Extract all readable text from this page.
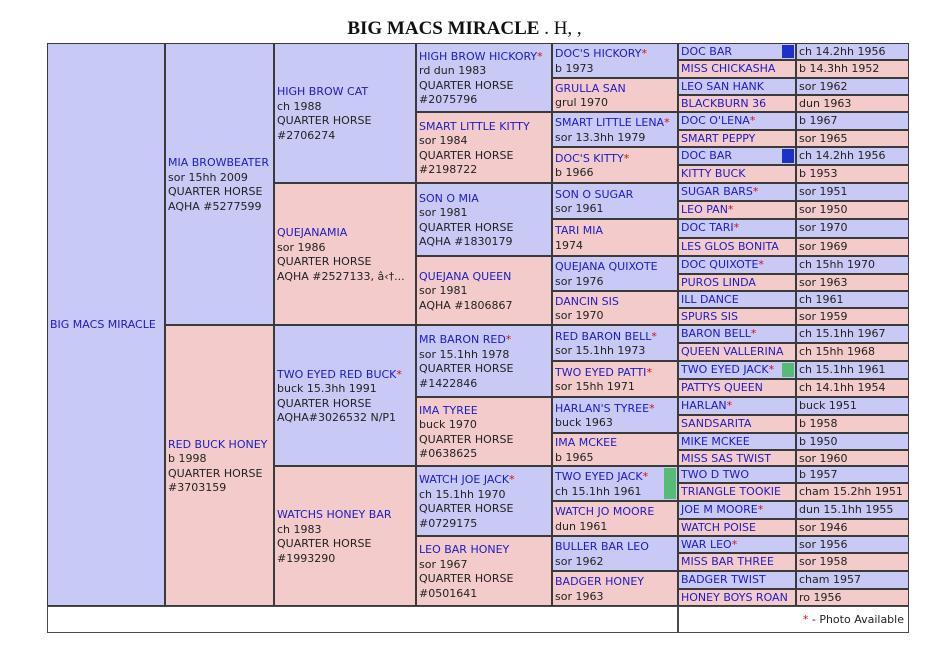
BIG MACS MIRACLE . H, ,
BIG MACS MIRACLE
MIA BROWBEATER
sor 15hh 2009
QUARTER HORSE
AQHA #5277599
RED BUCK HONEY
b 1998
QUARTER HORSE
#3703159
HIGH BROW CAT
ch 1988
QUARTER HORSE
#2706274
QUEJANAMIA
sor 1986
QUARTER HORSE
AQHA #2527133, â‹†...
TWO EYED RED BUCK*
buck 15.3hh 1991
QUARTER HORSE
AQHA#3026532 N/P1
WATCHS HONEY BAR
ch 1983
QUARTER HORSE
#1993290
HIGH BROW HICKORY*
rd dun 1983
QUARTER HORSE
#2075796
SMART LITTLE KITTY
sor 1984
QUARTER HORSE
#2198722
SON O MIA
sor 1981
QUARTER HORSE
AQHA #1830179
QUEJANA QUEEN
sor 1981
AQHA #1806867
MR BARON RED*
sor 15.1hh 1978
QUARTER HORSE
#1422846
IMA TYREE
buck 1970
QUARTER HORSE
#0638625
WATCH JOE JACK*
ch 15.1hh 1970
QUARTER HORSE
#0729175
LEO BAR HONEY
sor 1967
QUARTER HORSE
#0501641
DOC'S HICKORY*
b 1973
GRULLA SAN
grul 1970
SMART LITTLE LENA*
sor 13.3hh 1979
DOC'S KITTY*
b 1966
SON O SUGAR
sor 1961
TARI MIA
1974
QUEJANA QUIXOTE
sor 1976
DANCIN SIS
sor 1970
RED BARON BELL*
sor 15.1hh 1973
TWO EYED PATTI*
sor 15hh 1971
HARLAN'S TYREE*
buck 1963
IMA MCKEE
b 1965
TWO EYED JACK*
ch 15.1hh 1961
WATCH JO MOORE
dun 1961
BULLER BAR LEO
sor 1962
BADGER HONEY
sor 1963
DOC BAR
MISS CHICKASHA
LEO SAN HANK
BLACKBURN 36
DOC O'LENA*
SMART PEPPY
DOC BAR
KITTY BUCK
SUGAR BARS*
LEO PAN*
DOC TARI*
LES GLOS BONITA
DOC QUIXOTE*
PUROS LINDA
ILL DANCE
SPURS SIS
BARON BELL*
QUEEN VALLERINA
TWO EYED JACK*
PATTYS QUEEN
HARLAN*
SANDSARITA
MIKE MCKEE
MISS SAS TWIST
TWO D TWO
TRIANGLE TOOKIE
JOE M MOORE*
WATCH POISE
WAR LEO*
MISS BAR THREE
BADGER TWIST
HONEY BOYS ROAN
ch 14.2hh 1956
b 14.3hh 1952
sor 1962
dun 1963
b 1967
sor 1965
ch 14.2hh 1956
b 1953
sor 1951
sor 1950
sor 1970
sor 1969
ch 15hh 1970
sor 1963
ch 1961
sor 1959
ch 15.1hh 1967
ch 15hh 1968
ch 15.1hh 1961
ch 14.1hh 1954
buck 1951
b 1958
b 1950
sor 1960
b 1957
cham 15.2hh 1951
dun 15.1hh 1955
sor 1946
sor 1956
sor 1958
cham 1957
ro 1956
* - Photo Available
